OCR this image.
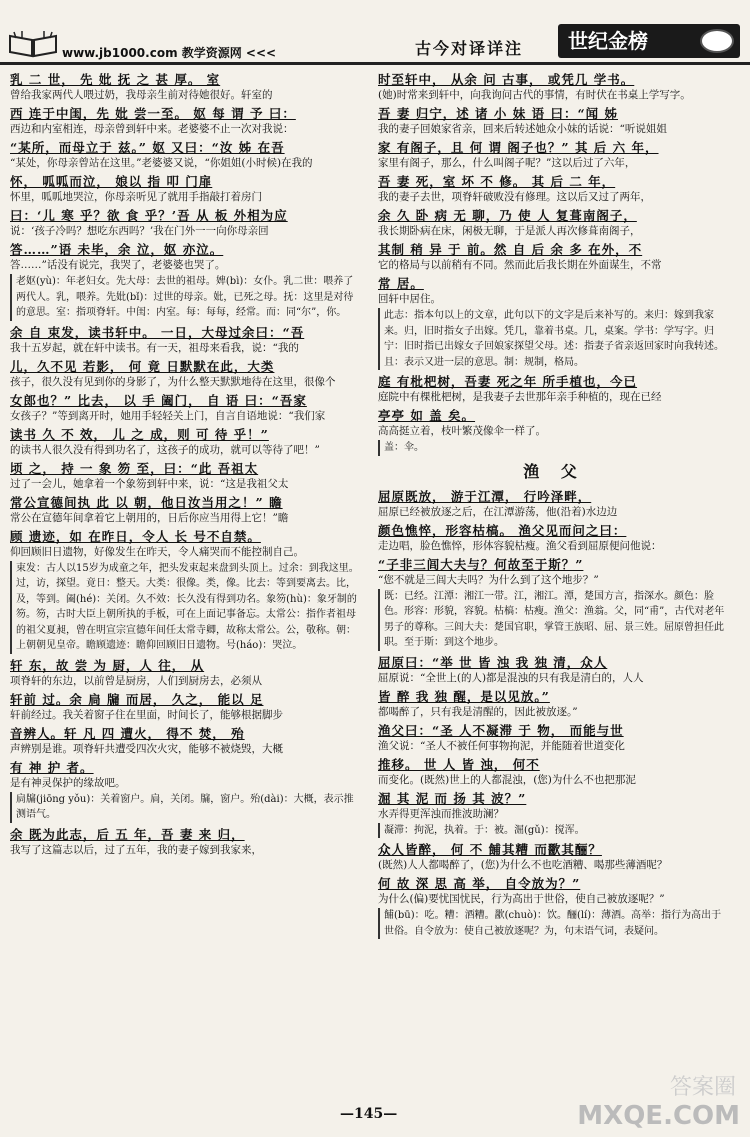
www.jb1000.com 教学资源网 <<<	古今对译详注	世纪金榜
乳 二 世， 先 妣 抚 之 甚 厚。 室
曾给我家两代人喂过奶，我母亲生前对待她很好。轩室的
西 连于中闺，先 妣 尝一至。 妪 每 谓 予 曰：
西边和内室相连，母亲曾到轩中来。老婆婆不止一次对我说：
“某所，而母立于 兹。” 妪 又曰：“汝 姊 在吾
“某处，你母亲曾站在这里。”老婆婆又说，“你姐姐(小时候)在我的
怀， 呱呱而泣， 娘以 指 叩 门扉
怀里，呱呱地哭泣，你母亲听见了就用手指敲打着房门
曰：‘儿 寒 乎？欲 食 乎？’吾 从 板 外相为应
说：‘孩子冷吗？想吃东西吗？’我在门外一一向你母亲回
答……”语 未毕，余 泣，妪 亦泣。
答……”话没有说完，我哭了，老婆婆也哭了。
老妪(yù)：年老妇女。先大母：去世的祖母。婢(bì)：女仆。乳二世：喂养了两代人。乳，喂养。先妣(bǐ)：过世的母亲。妣，已死之母。抚：这里是对待的意思。室：指项脊轩。中闺：内室。每：每每，经常。而：同“尔”，你。
余 自 束发，读书轩中。 一日，大母过余曰：“吾
我十五岁起，就在轩中读书。有一天，祖母来看我，说：“我的
儿，久不见 若影， 何 竟 日默默在此，大类
孩子，很久没有见到你的身影了，为什么整天默默地待在这里，很像个
女郎也？” 比去， 以 手 阖门， 自 语 曰：“吾家
女孩子？”等到离开时，她用手轻轻关上门，自言自语地说：“我们家
读书 久 不 效， 儿 之 成，则 可 待 乎！”
的读书人很久没有得到功名了，这孩子的成功，就可以等待了吧！”
顷 之， 持 一 象 笏 至，曰：“此 吾祖太
过了一会儿，她拿着一个象笏到轩中来，说：“这是我祖父太
常公宣德间执 此 以 朝，他日汝当用之！” 瞻
常公在宣德年间拿着它上朝用的，日后你应当用得上它！”瞻
顾 遗迹，如 在昨日，令人 长 号不自禁。
仰回顾旧日遗物，好像发生在昨天，令人痛哭而不能控制自己。
束发：古人以15岁为成童之年，把头发束起来盘到头顶上。过余：到我这里。过，访，探望。竟日：整天。大类：很像。类，像。比去：等到要离去。比，及，等到。阖(hé)：关闭。久不效：长久没有得到功名。象笏(hù)：象牙制的笏。笏，古时大臣上朝所执的手板，可在上面记事备忘。太常公：指作者祖母的祖父夏昶，曾在明宣宗宣德年间任太常寺卿，故称太常公。公，敬称。朝：上朝朝见皇帝。瞻顾遗迹：瞻仰回顾旧日遗物。号(háo)：哭泣。
轩 东，故 尝 为 厨，人 往， 从
项脊轩的东边，以前曾是厨房，人们到厨房去，必须从
轩前 过。余 扃 牖 而居， 久之， 能以 足
轩前经过。我关着窗子住在里面，时间长了，能够根据脚步
音辨人。轩 凡 四 遭火， 得不 焚， 殆
声辨别是谁。项脊轩共遭受四次火灾，能够不被烧毁，大概
有 神 护 者。
是有神灵保护的缘故吧。
扃牖(jiōng yǒu)：关着窗户。扃，关闭。牖，窗户。殆(dài)：大概，表示推测语气。
余 既为此志，后 五 年，吾 妻 来 归，
我写了这篇志以后，过了五年，我的妻子嫁到我家来，
时至轩中， 从余 问 古事， 或凭几 学书。
(她)时常来到轩中，向我询问古代的事情，有时伏在书桌上学写字。
吾 妻 归宁，述 诸 小 妹 语 曰：“闻 姊
我的妻子回娘家省亲，回来后转述她众小妹的话说：“听说姐姐
家 有阁子，且 何 谓 阁子也？” 其 后 六 年，
家里有阁子，那么，什么叫阁子呢？”这以后过了六年，
吾 妻 死，室 坏 不 修。 其 后 二 年，
我的妻子去世，项脊轩破败没有修理。这以后又过了两年，
余 久 卧 病 无 聊，乃 使 人 复葺南阁子，
我长期卧病在床，闲极无聊，于是派人再次修葺南阁子，
其制 稍 异 于 前。然 自 后 余 多 在外，不
它的格局与以前稍有不同。然而此后我长期在外面谋生，不常
常 居。
回轩中居住。
此志：指本句以上的文章，此句以下的文字是后来补写的。来归：嫁到我家来。归，旧时指女子出嫁。凭几，靠着书桌。几，桌案。学书：学写字。归宁：旧时指已出嫁女子回娘家探望父母。述：指妻子省亲返回家时向我转述。且：表示又进一层的意思。制：规制，格局。
庭 有枇杷树，吾妻 死之年 所手植也，今已
庭院中有棵枇杷树，是我妻子去世那年亲手种植的，现在已经
亭亭 如 盖 矣。
高高挺立着，枝叶繁茂像伞一样了。
盖：伞。
渔 父
屈原既放， 游于江潭， 行吟泽畔，
屈原已经被放逐之后，在江潭游荡，他(沿着)水边边
颜色憔悴，形容枯槁。 渔父见而问之曰：
走边唱，脸色憔悴，形体容貌枯瘦。渔父看到屈原便问他说：
“子非三闾大夫与？何故至于斯？”
“您不就是三闾大夫吗？为什么到了这个地步？”
既：已经。江潭：湘江一带。江，湘江。潭，楚国方言，指深水。颜色：脸色。形容：形貌，容貌。枯槁：枯瘦。渔父：渔翁。父，同“甫”，古代对老年男子的尊称。三闾大夫：楚国官职，掌管王族昭、屈、景三姓。屈原曾担任此职。至于斯：到这个地步。
屈原曰：“举 世 皆 浊 我 独 清，众人
屈原说：“全世上(的人)都是混浊的只有我是清白的，人人
皆 醉 我 独 醒，是以见放。”
都喝醉了，只有我是清醒的，因此被放逐。”
渔父曰：“圣 人不凝滞 于 物， 而能与世
渔父说：“圣人不被任何事物拘泥，并能随着世道变化
推移。 世 人 皆 浊， 何不
而变化。(既然)世上的人都混浊，(您)为什么不也把那泥
淈 其 泥 而 扬 其 波？”
水弄得更浑浊而推波助澜？
凝滞：拘泥，执着。于：被。淈(gǔ)：搅浑。
众人皆醉， 何 不 餔其糟 而歠其酾？
(既然)人人都喝醉了，(您)为什么不也吃酒糟、喝那些薄酒呢？
何 故 深 思 高 举， 自令放为？”
为什么(偏)要忧国忧民，行为高出于世俗，使自己被放逐呢？”
餔(bū)：吃。糟：酒糟。歠(chuò)：饮。酾(lí)：薄酒。高举：指行为高出于世俗。自令放为：使自己被放逐呢？为，句末语气词，表疑问。
—145—
答案圈
MXQE.COM
